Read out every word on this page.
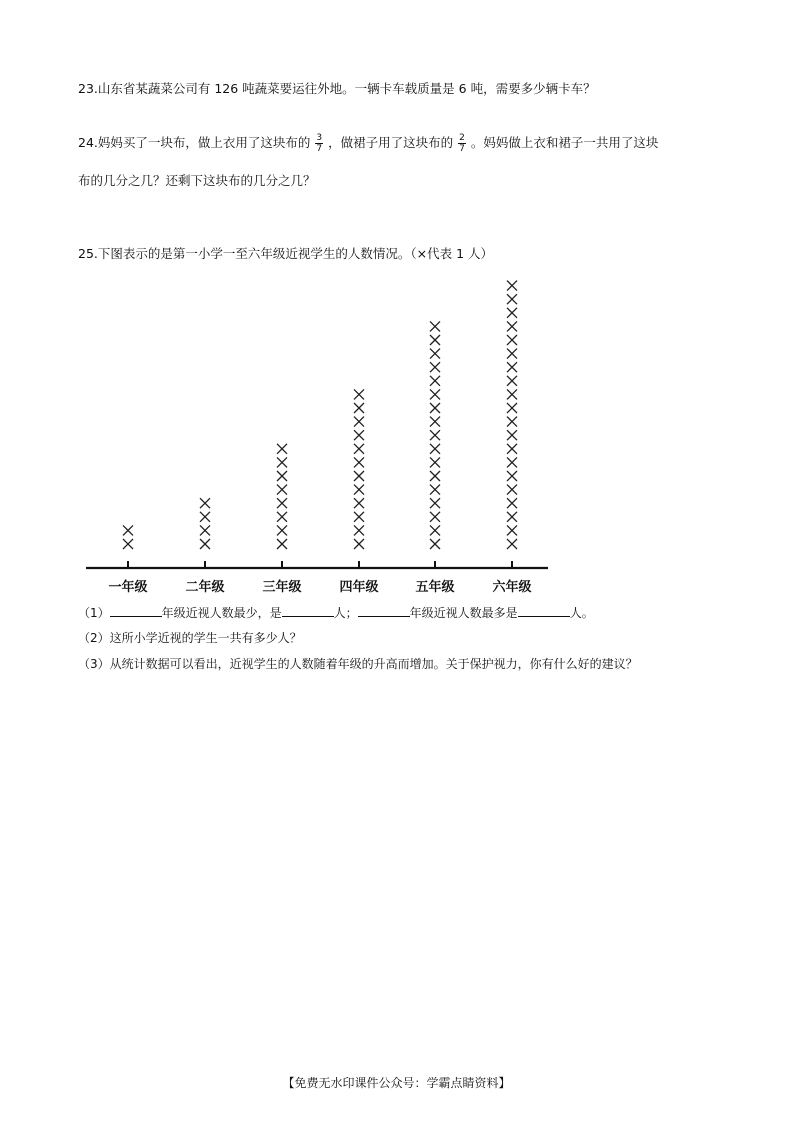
23.山东省某蔬菜公司有 126 吨蔬菜要运往外地。一辆卡车载质量是 6 吨，需要多少辆卡车？
24.妈妈买了一块布，做上衣用了这块布的 $\frac{3}{7}$ ，做裙子用了这块布的 $\frac{2}{7}$ 。妈妈做上衣和裙子一共用了这块
布的几分之几？还剩下这块布的几分之几？
25.下图表示的是第一小学一至六年级近视学生的人数情况。（×代表 1 人）
一年级	二年级	三年级	四年级	五年级	六年级
（1）	年级近视人数最少，是	人；	年级近视人数最多是	人。
（2）这所小学近视的学生一共有多少人？
（3）从统计数据可以看出，近视学生的人数随着年级的升高而增加。关于保护视力，你有什么好的建议？
【免费无水印课件公众号：学霸点睛资料】
